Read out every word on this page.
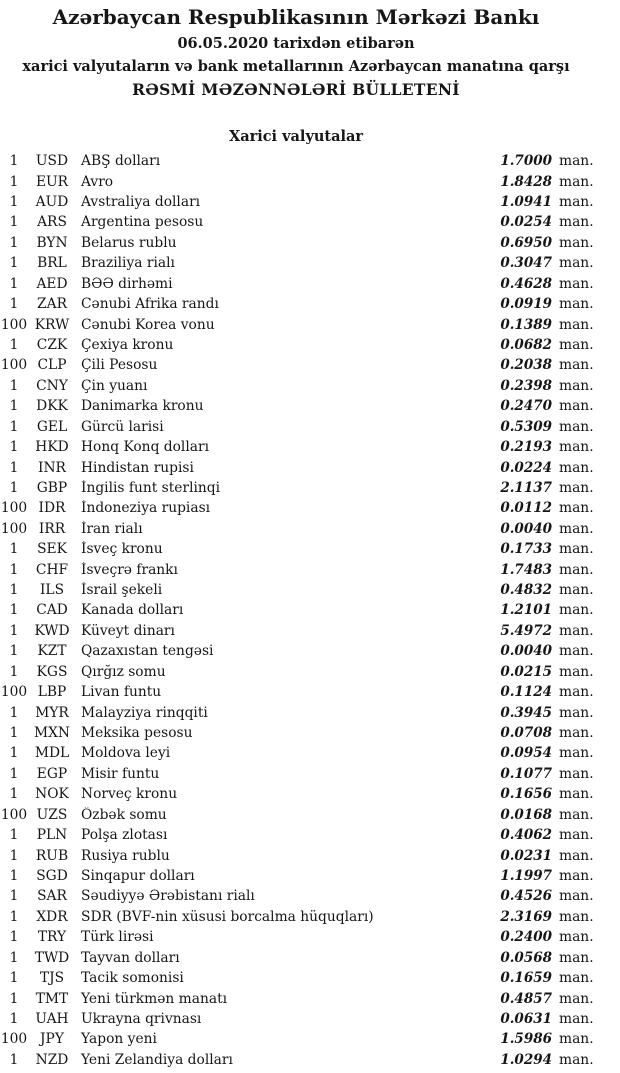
Azərbaycan Respublikasının Mərkəzi Bankı
06.05.2020 tarixdən etibarən
xarici valyutaların və bank metallarının Azərbaycan manatına qarşı
RƏSMİ MƏZƏNNƏLƏRİ BÜLLETENİ
Xarici valyutalar
1	USD ABŞ dolları	1.7000 man.
1	EUR Avro	1.8428 man.
1	AUD Avstraliya dolları	1.0941 man.
1	ARS	Argentina pesosu	0.0254 man.
1	BYN Belarus rublu	0.6950 man.
1	BRL	Braziliya rialı	0.3047 man.
1	AED BƏƏ dirhəmi	0.4628 man.
1	ZAR	Cənubi Afrika randı	0.0919 man.
100 KRW Cənubi Korea vonu	0.1389 man.
1	CZK Çexiya kronu	0.0682 man.
100 CLP	Çili Pesosu	0.2038 man.
1	CNY Çin yuanı	0.2398 man.
1	DKK Danimarka kronu	0.2470 man.
1	GEL	Gürcü larisi	0.5309 man.
1	HKD Honq Konq dolları	0.2193 man.
1	INR	Hindistan rupisi	0.0224 man.
1	GBP İngilis funt sterlinqi	2.1137 man.
100 IDR	İndoneziya rupiası	0.0112 man.
100 IRR	İran rialı	0.0040 man.
1	SEK	İsveç kronu	0.1733 man.
1	CHF İsveçrə frankı	1.7483 man.
1	ILS	İsrail şekeli	0.4832 man.
1	CAD Kanada dolları	1.2101 man.
1	KWD Küveyt dinarı	5.4972 man.
1	KZT	Qazaxıstan tengəsi	0.0040 man.
1	KGS Qırğız somu	0.0215 man.
100 LBP	Livan funtu	0.1124 man.
1	MYR Malayziya rinqqiti	0.3945 man.
1	MXN Meksika pesosu	0.0708 man.
1	MDL Moldova leyi	0.0954 man.
1	EGP	Misir funtu	0.1077 man.
1	NOK Norveç kronu	0.1656 man.
100 UZS Özbək somu	0.0168 man.
1	PLN Polşa zlotası	0.4062 man.
1	RUB Rusiya rublu	0.0231 man.
1	SGD Sinqapur dolları	1.1997 man.
1	SAR	Səudiyyə Ərəbistanı rialı	0.4526 man.
1	XDR SDR (BVF-nin xüsusi borcalma hüquqları)	2.3169 man.
1	TRY	Türk lirəsi	0.2400 man.
1	TWD Tayvan dolları	0.0568 man.
1	TJS	Tacik somonisi	0.1659 man.
1	TMT Yeni türkmən manatı	0.4857 man.
1	UAH Ukrayna qrivnası	0.0631 man.
100 JPY	Yapon yeni	1.5986 man.
1	NZD Yeni Zelandiya dolları	1.0294 man.
